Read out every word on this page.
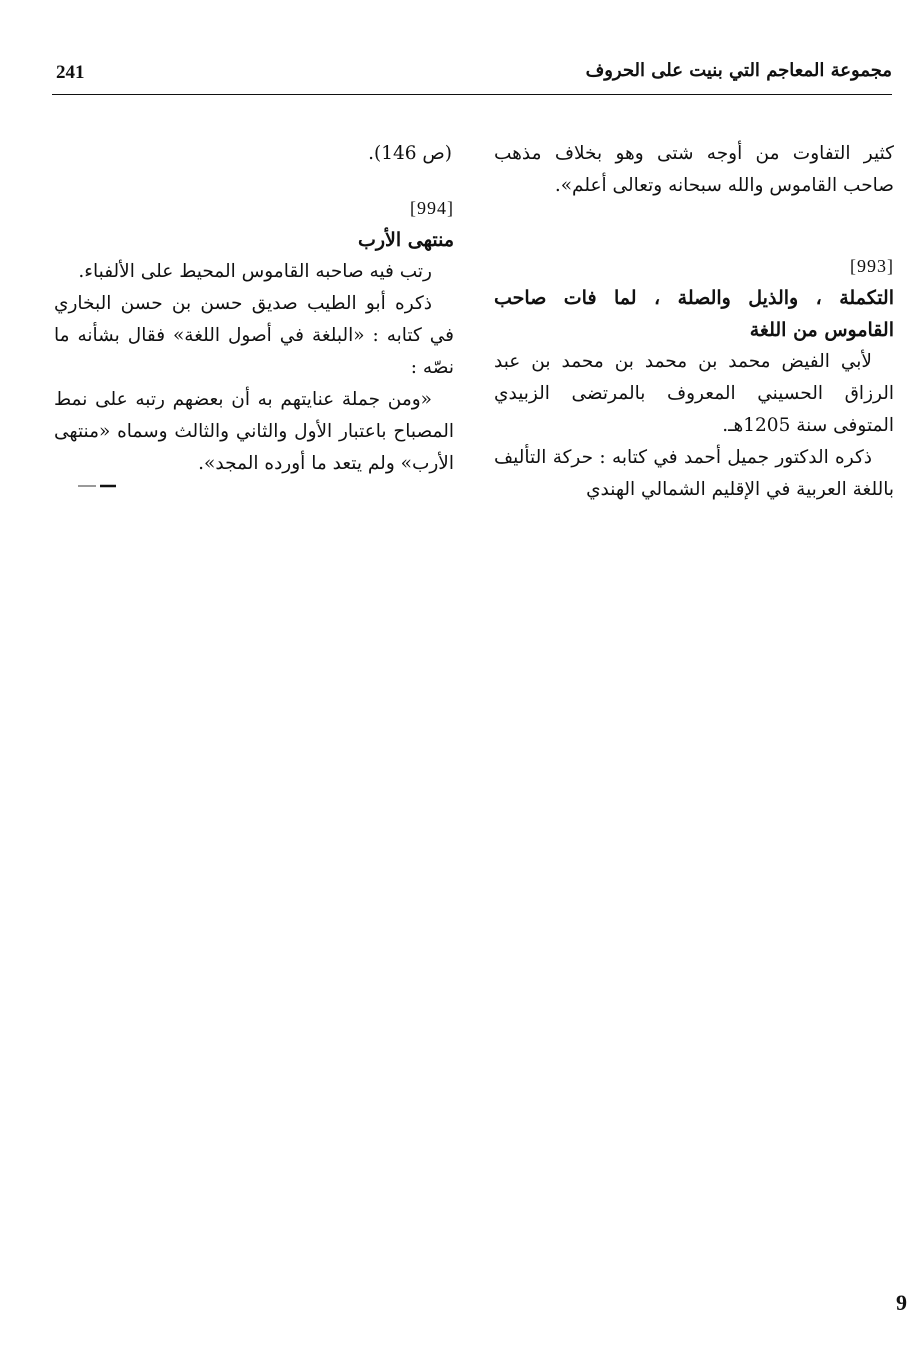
241	مجموعة المعاجم التي بنيت على الحروف

كثير التفاوت من أوجه شتى وهو بخلاف مذهب صاحب القاموس والله سبحانه وتعالى أعلم».

[993]
التكملة ، والذيل والصلة ، لما فات صاحب القاموس من اللغة

لأبي الفيض محمد بن محمد بن محمد بن عبد الرزاق الحسيني المعروف بالمرتضى الزبيدي المتوفى سنة 1205هـ.

ذكره الدكتور جميل أحمد في كتابه : حركة التأليف باللغة العربية في الإقليم الشمالي الهندي

(ص 146).

[994]
منتهى الأرب

رتب فيه صاحبه القاموس المحيط على الألفباء.

ذكره أبو الطيب صديق حسن بن حسن البخاري في كتابه : «البلغة في أصول اللغة» فقال بشأنه ما نصّه :

«ومن جملة عنايتهم به أن بعضهم رتبه على نمط المصباح باعتبار الأول والثاني والثالث وسماه «منتهى الأرب» ولم يتعد ما أورده المجد».

9
